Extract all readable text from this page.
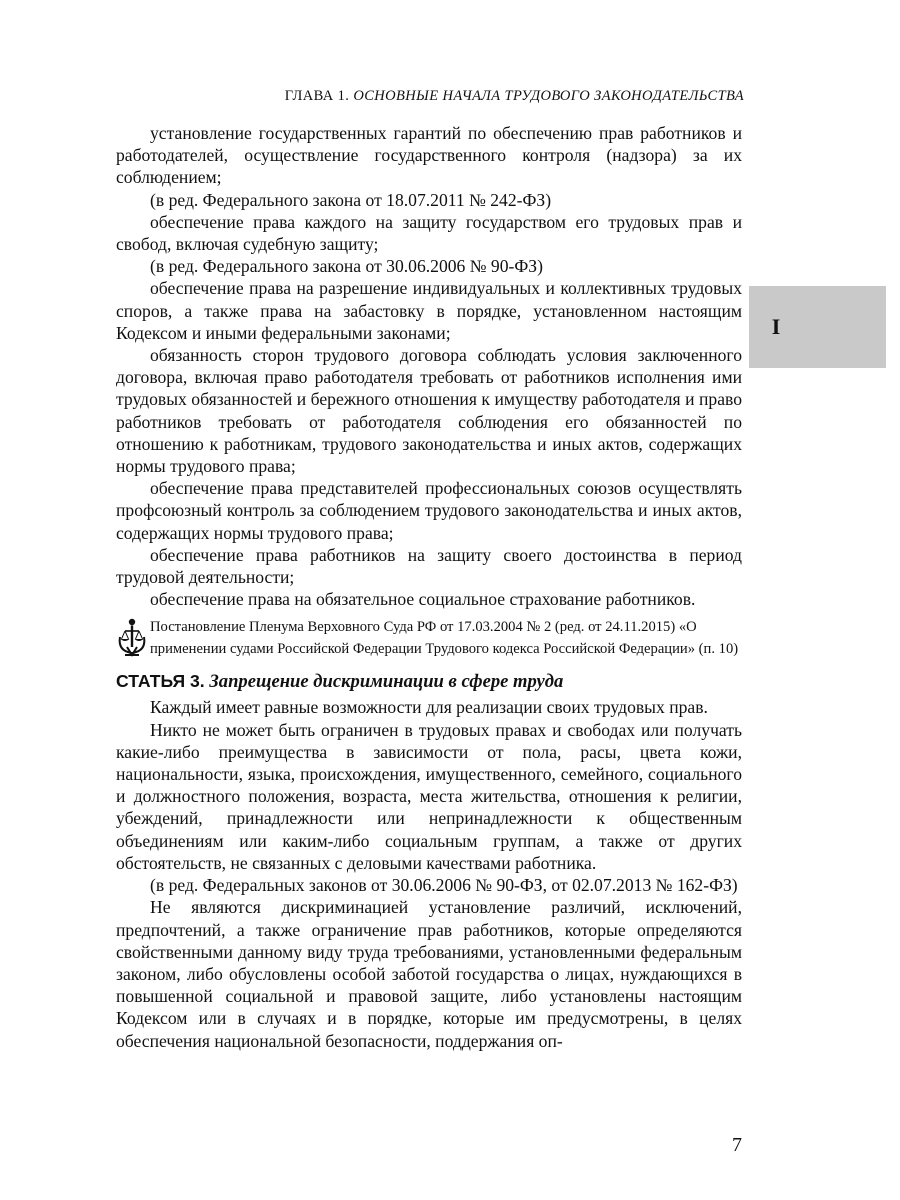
ГЛАВА 1. ОСНОВНЫЕ НАЧАЛА ТРУДОВОГО ЗАКОНОДАТЕЛЬСТВА
I

установление государственных гарантий по обеспечению прав работников и работодателей, осуществление государственного контроля (надзора) за их соблюдением;

(в ред. Федерального закона от 18.07.2011 № 242-ФЗ)

обеспечение права каждого на защиту государством его трудовых прав и свобод, включая судебную защиту;

(в ред. Федерального закона от 30.06.2006 № 90-ФЗ)

обеспечение права на разрешение индивидуальных и коллективных трудовых споров, а также права на забастовку в порядке, установленном настоящим Кодексом и иными федеральными законами;

обязанность сторон трудового договора соблюдать условия заключенного договора, включая право работодателя требовать от работников исполнения ими трудовых обязанностей и бережного отношения к имуществу работодателя и право работников требовать от работодателя соблюдения его обязанностей по отношению к работникам, трудового законодательства и иных актов, содержащих нормы трудового права;

обеспечение права представителей профессиональных союзов осуществлять профсоюзный контроль за соблюдением трудового законодательства и иных актов, содержащих нормы трудового права;

обеспечение права работников на защиту своего достоинства в период трудовой деятельности;

обеспечение права на обязательное социальное страхование работников.

Постановление Пленума Верховного Суда РФ от 17.03.2004 № 2 (ред. от 24.11.2015) «О применении судами Российской Федерации Трудового кодекса Российской Федерации» (п. 10)
СТАТЬЯ 3. Запрещение дискриминации в сфере труда

Каждый имеет равные возможности для реализации своих трудовых прав.

Никто не может быть ограничен в трудовых правах и свободах или получать какие-либо преимущества в зависимости от пола, расы, цвета кожи, национальности, языка, происхождения, имущественного, семейного, социального и должностного положения, возраста, места жительства, отношения к религии, убеждений, принадлежности или непринадлежности к общественным объединениям или каким-либо социальным группам, а также от других обстоятельств, не связанных с деловыми качествами работника.

(в ред. Федеральных законов от 30.06.2006 № 90-ФЗ, от 02.07.2013 № 162-ФЗ)

Не являются дискриминацией установление различий, исключений, предпочтений, а также ограничение прав работников, которые определяются свойственными данному виду труда требованиями, установленными федеральным законом, либо обусловлены особой заботой государства о лицах, нуждающихся в повышенной социальной и правовой защите, либо установлены настоящим Кодексом или в случаях и в порядке, которые им предусмотрены, в целях обеспечения национальной безопасности, поддержания оп-

7
